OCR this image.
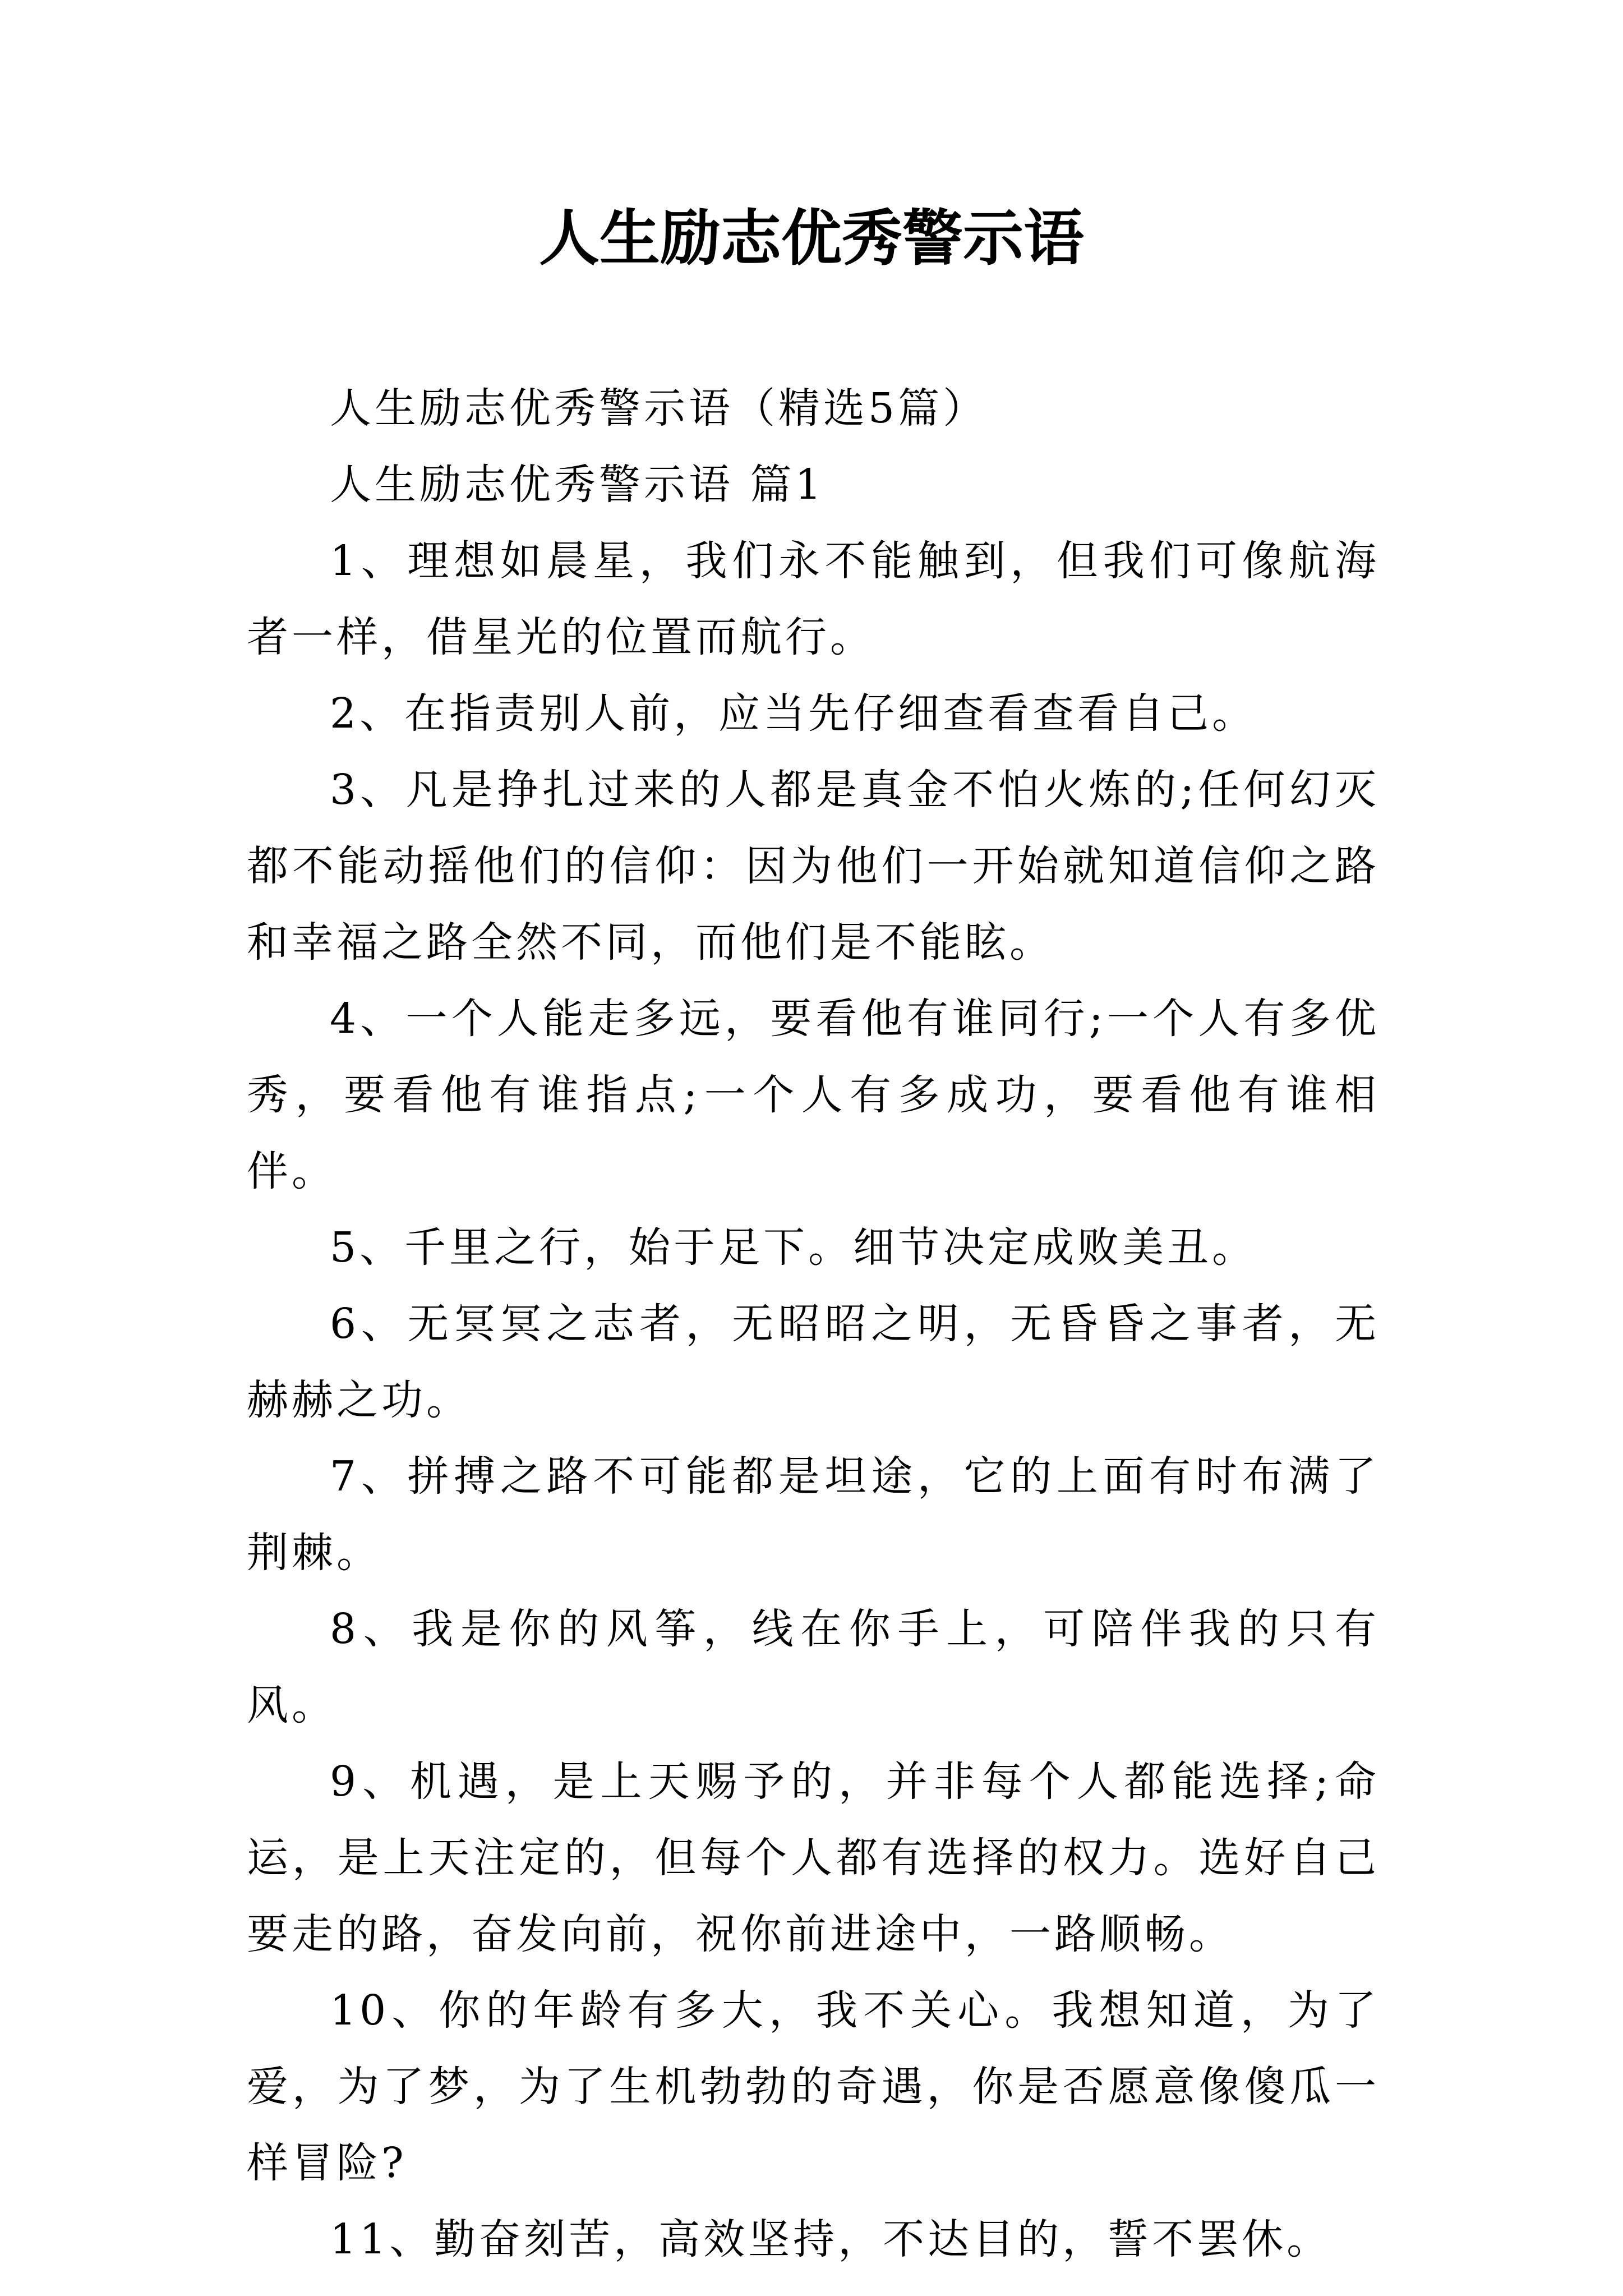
人生励志优秀警示语

人生励志优秀警示语（精选5篇）

人生励志优秀警示语 篇1

1、理想如晨星，我们永不能触到，但我们可像航海者一样，借星光的位置而航行。

2、在指责别人前，应当先仔细查看查看自己。

3、凡是挣扎过来的人都是真金不怕火炼的;任何幻灭都不能动摇他们的信仰：因为他们一开始就知道信仰之路和幸福之路全然不同，而他们是不能眩。

4、一个人能走多远，要看他有谁同行;一个人有多优秀，要看他有谁指点;一个人有多成功，要看他有谁相伴。

5、千里之行，始于足下。细节决定成败美丑。

6、无冥冥之志者，无昭昭之明，无昏昏之事者，无赫赫之功。

7、拼搏之路不可能都是坦途，它的上面有时布满了荆棘。

8、我是你的风筝，线在你手上，可陪伴我的只有风。

9、机遇，是上天赐予的，并非每个人都能选择;命运，是上天注定的，但每个人都有选择的权力。选好自己要走的路，奋发向前，祝你前进途中，一路顺畅。

10、你的年龄有多大，我不关心。我想知道，为了爱，为了梦，为了生机勃勃的奇遇，你是否愿意像傻瓜一样冒险?

11、勤奋刻苦，高效坚持，不达目的，誓不罢休。
